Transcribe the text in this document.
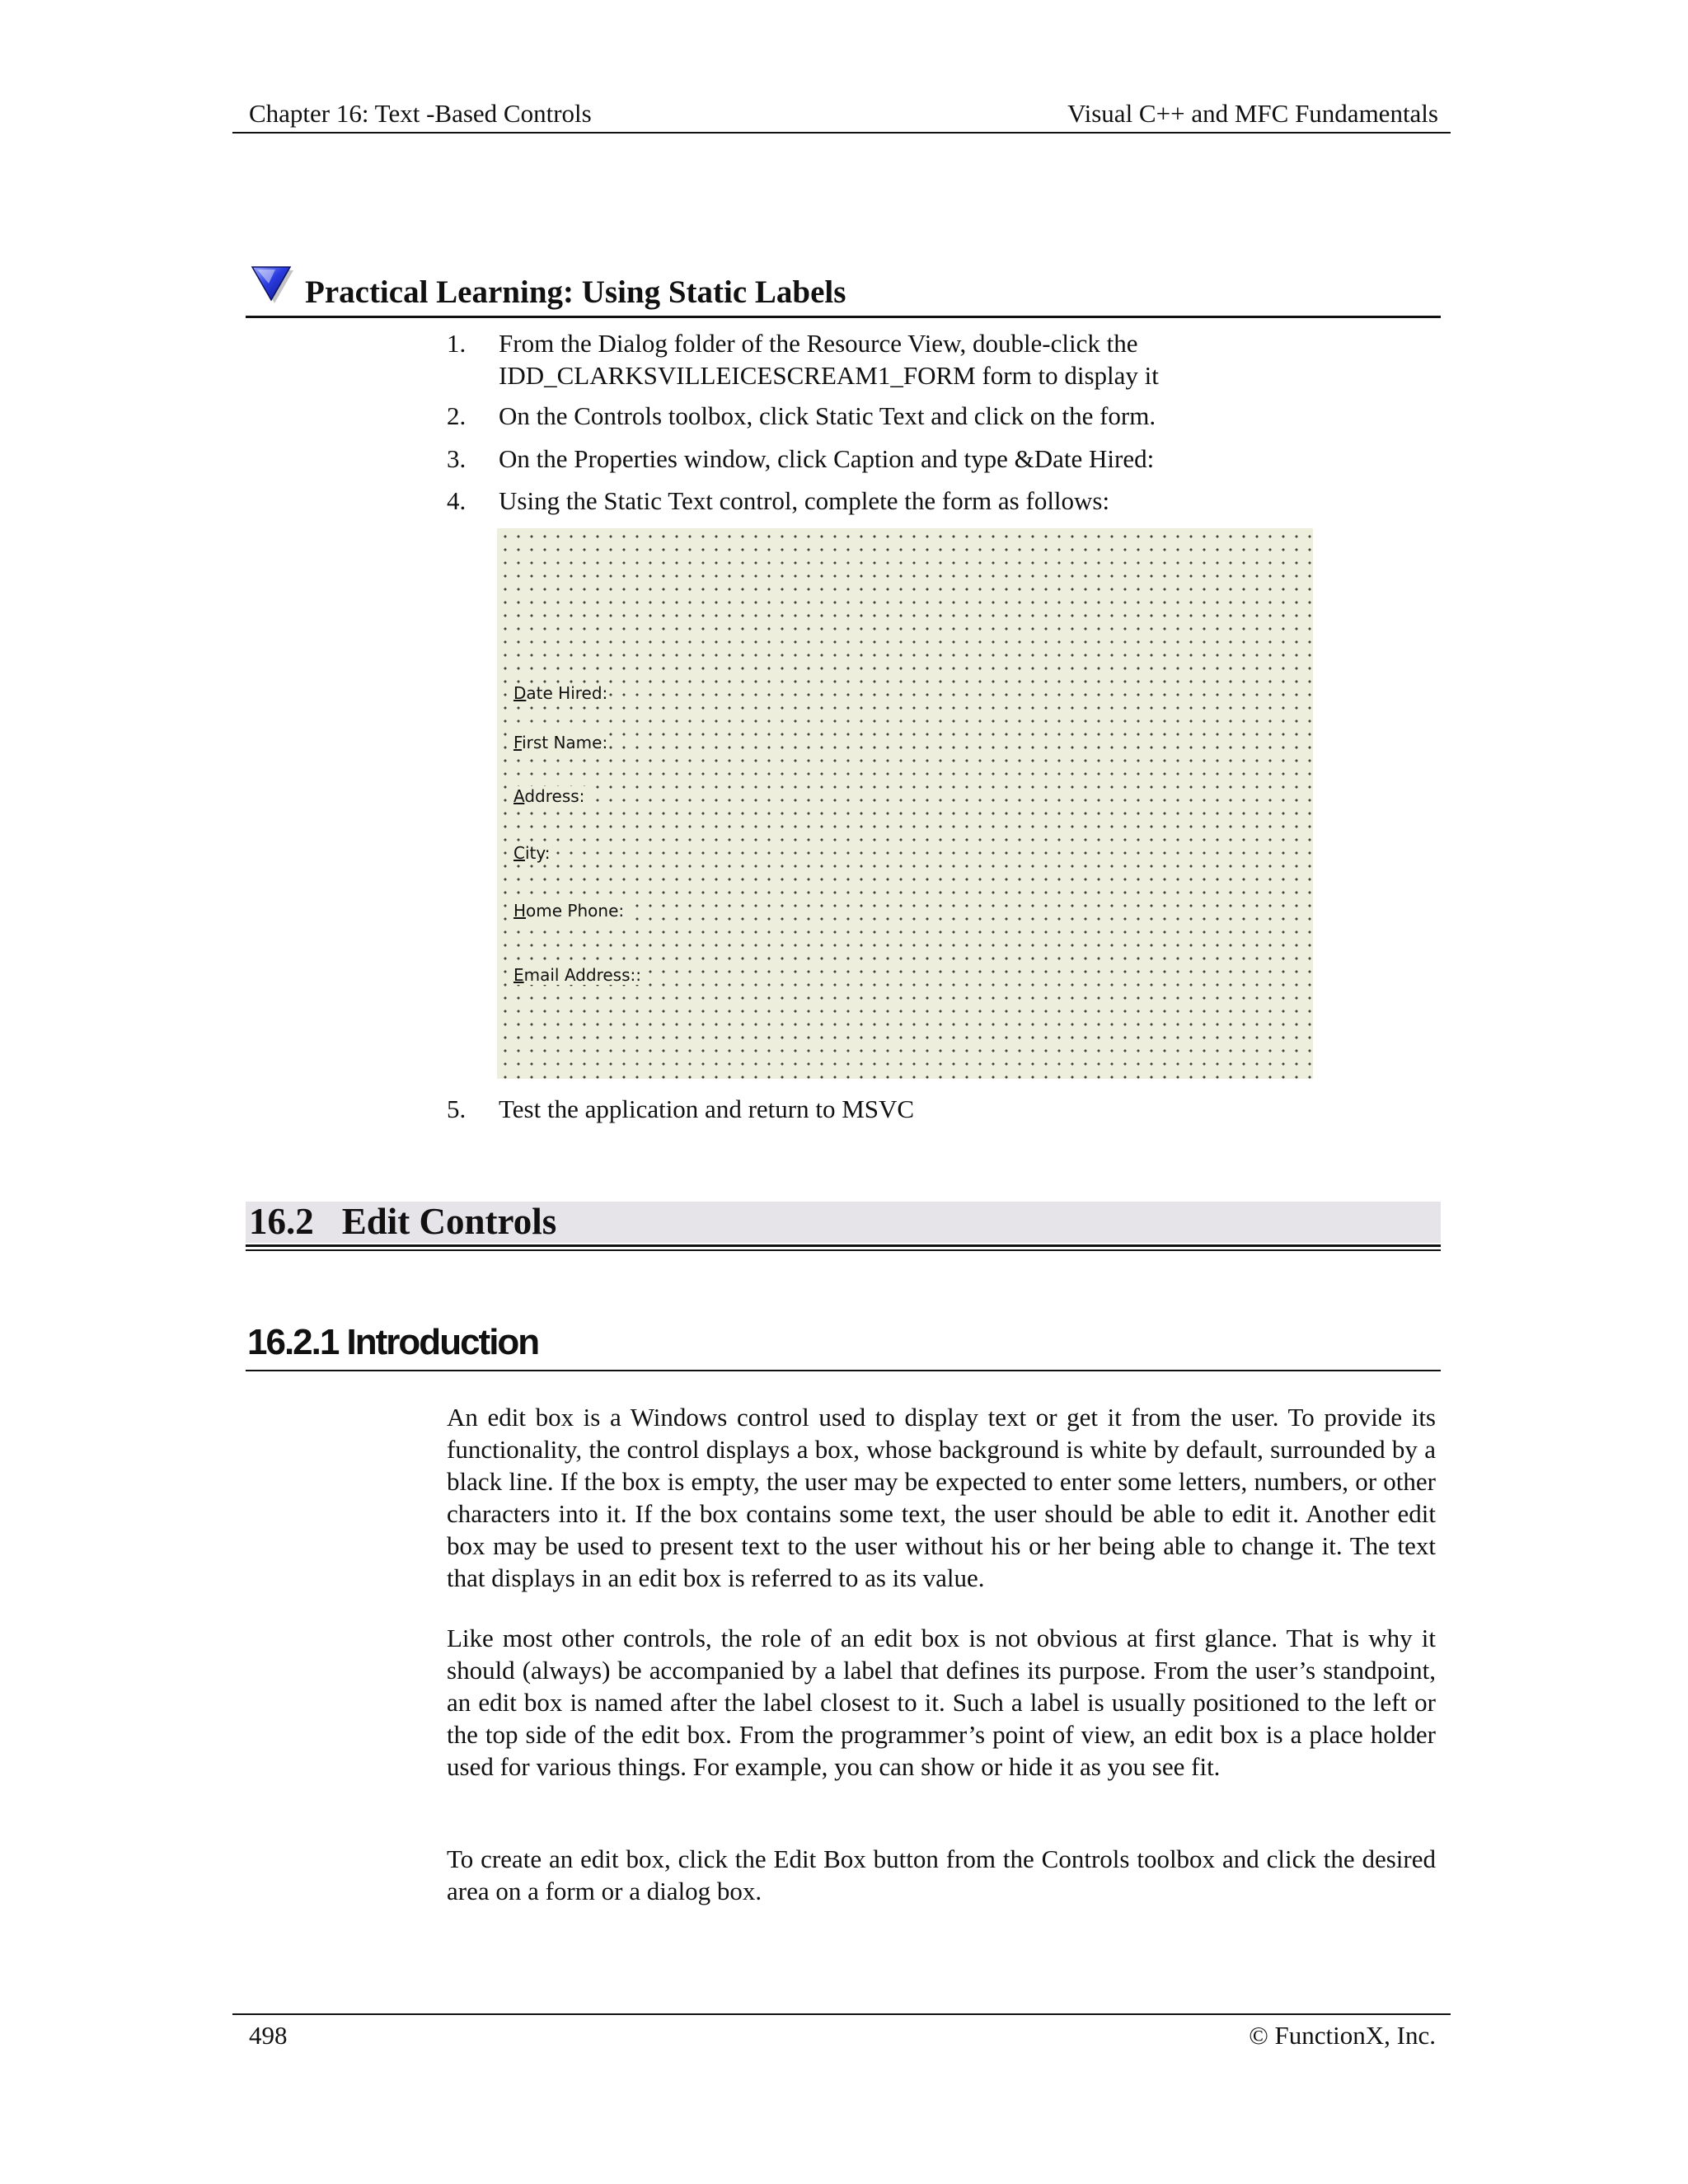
Chapter 16: Text -Based Controls	Visual C++ and MFC Fundamentals
Practical Learning: Using Static Labels
1. From the Dialog folder of the Resource View, double-click the IDD_CLARKSVILLEICESCREAM1_FORM form to display it
2. On the Controls toolbox, click Static Text and click on the form.
3. On the Properties window, click Caption and type &Date Hired:
4. Using the Static Text control, complete the form as follows:
Date Hired:
First Name:
Address:
City:
Home Phone:
Email Address::
5. Test the application and return to MSVC
16.2 Edit Controls
16.2.1 Introduction
An edit box is a Windows control used to display text or get it from the user. To provide its functionality, the control displays a box, whose background is white by default, surrounded by a black line. If the box is empty, the user may be expected to enter some letters, numbers, or other characters into it. If the box contains some text, the user should be able to edit it. Another edit box may be used to present text to the user without his or her being able to change it. The text that displays in an edit box is referred to as its value.
Like most other controls, the role of an edit box is not obvious at first glance. That is why it should (always) be accompanied by a label that defines its purpose. From the user’s standpoint, an edit box is named after the label closest to it. Such a label is usually positioned to the left or the top side of the edit box. From the programmer’s point of view, an edit box is a place holder used for various things. For example, you can show or hide it as you see fit.
To create an edit box, click the Edit Box button from the Controls toolbox and click the desired area on a form or a dialog box.
498	© FunctionX, Inc.
